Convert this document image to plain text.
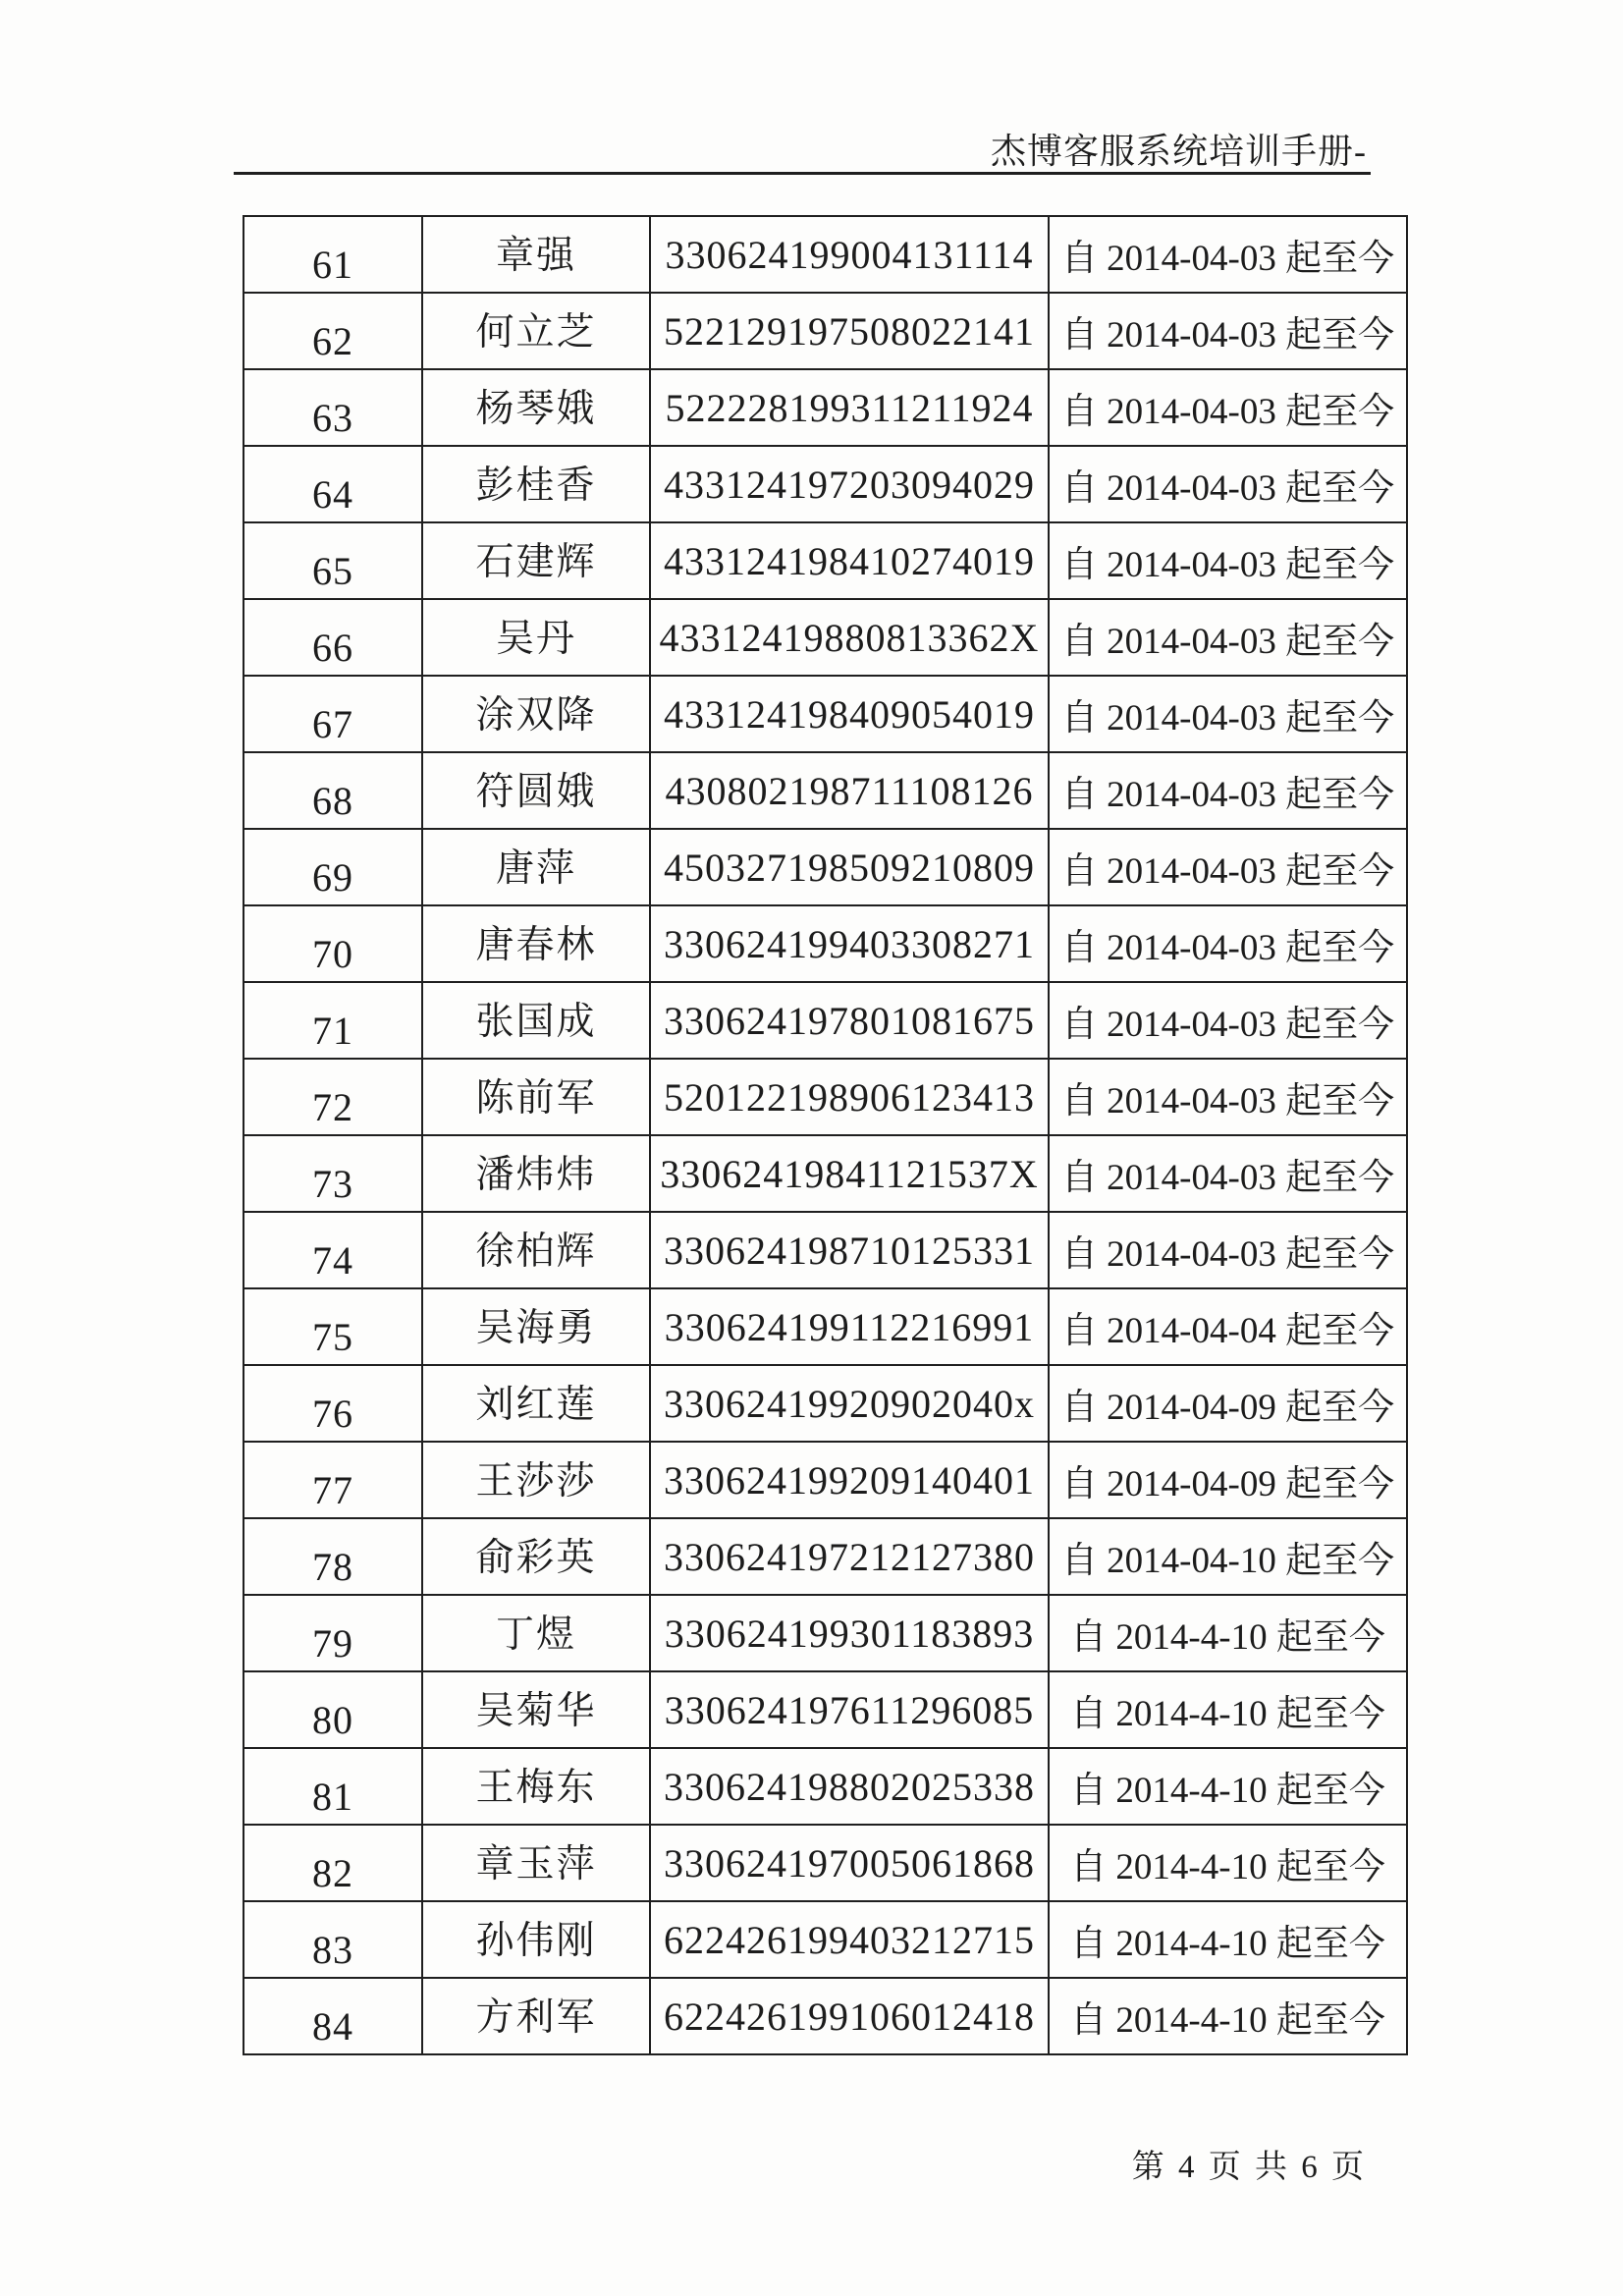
杰博客服系统培训手册-
61	章强	330624199004131114 自 2014-04-03 起至今
62	何立芝	522129197508022141 自 2014-04-03 起至今
63	杨琴娥	522228199311211924 自 2014-04-03 起至今
64	彭桂香	433124197203094029 自 2014-04-03 起至今
65	石建辉	433124198410274019 自 2014-04-03 起至今
66	吴丹	43312419880813362X 自 2014-04-03 起至今
67	涂双降	433124198409054019 自 2014-04-03 起至今
68	符圆娥	430802198711108126 自 2014-04-03 起至今
69	唐萍	450327198509210809 自 2014-04-03 起至今
70	唐春林	330624199403308271 自 2014-04-03 起至今
71	张国成	330624197801081675 自 2014-04-03 起至今
72	陈前军	520122198906123413 自 2014-04-03 起至今
73	潘炜炜	33062419841121537X 自 2014-04-03 起至今
74	徐柏辉	330624198710125331 自 2014-04-03 起至今
75	吴海勇	330624199112216991 自 2014-04-04 起至今
76	刘红莲	33062419920902040x 自 2014-04-09 起至今
77	王莎莎	330624199209140401 自 2014-04-09 起至今
78	俞彩英	330624197212127380 自 2014-04-10 起至今
79	丁煜	330624199301183893 自 2014-4-10 起至今
80	吴菊华	330624197611296085 自 2014-4-10 起至今
81	王梅东	330624198802025338 自 2014-4-10 起至今
82	章玉萍	330624197005061868 自 2014-4-10 起至今
83	孙伟刚	622426199403212715 自 2014-4-10 起至今
84	方利军	622426199106012418 自 2014-4-10 起至今
第 4 页 共 6 页
